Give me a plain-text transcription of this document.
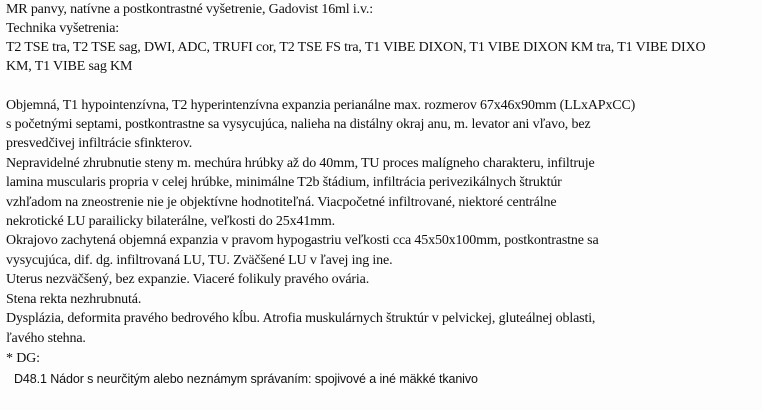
MR panvy, natívne a postkontrastné vyšetrenie, Gadovist 16ml i.v.:
Technika vyšetrenia:
T2 TSE tra, T2 TSE sag, DWI, ADC, TRUFI cor, T2 TSE FS tra, T1 VIBE DIXON, T1 VIBE DIXON KM tra, T1 VIBE DIXO
KM, T1 VIBE sag KM
Objemná, T1 hypointenzívna, T2 hyperintenzívna expanzia perianálne max. rozmerov 67x46x90mm (LLxAPxCC)
s početnými septami, postkontrastne sa vysycujúca, nalieha na distálny okraj anu, m. levator ani vľavo, bez
presvedčivej infiltrácie sfinkterov.
Nepravidelné zhrubnutie steny m. mechúra hrúbky až do 40mm, TU proces malígneho charakteru, infiltruje
lamina muscularis propria v celej hrúbke, minimálne T2b štádium, infiltrácia perivezikálnych štruktúr
vzhľadom na zneostrenie nie je objektívne hodnotiteľná. Viacpočetné infiltrované, niektoré centrálne
nekrotické LU parailicky bilaterálne, veľkosti do 25x41mm.
Okrajovo zachytená objemná expanzia v pravom hypogastriu veľkosti cca 45x50x100mm, postkontrastne sa
vysycujúca, dif. dg. infiltrovaná LU, TU. Zväčšené LU v ľavej ing ine.
Uterus nezväčšený, bez expanzie. Viaceré folikuly pravého ovária.
Stena rekta nezhrubnutá.
Dysplázia, deformita pravého bedrového kĺbu. Atrofia muskulárnych štruktúr v pelvickej, gluteálnej oblasti,
ľavého stehna.
* DG:
D48.1 Nádor s neurčitým alebo neznámym správaním: spojivové a iné mäkké tkanivo
